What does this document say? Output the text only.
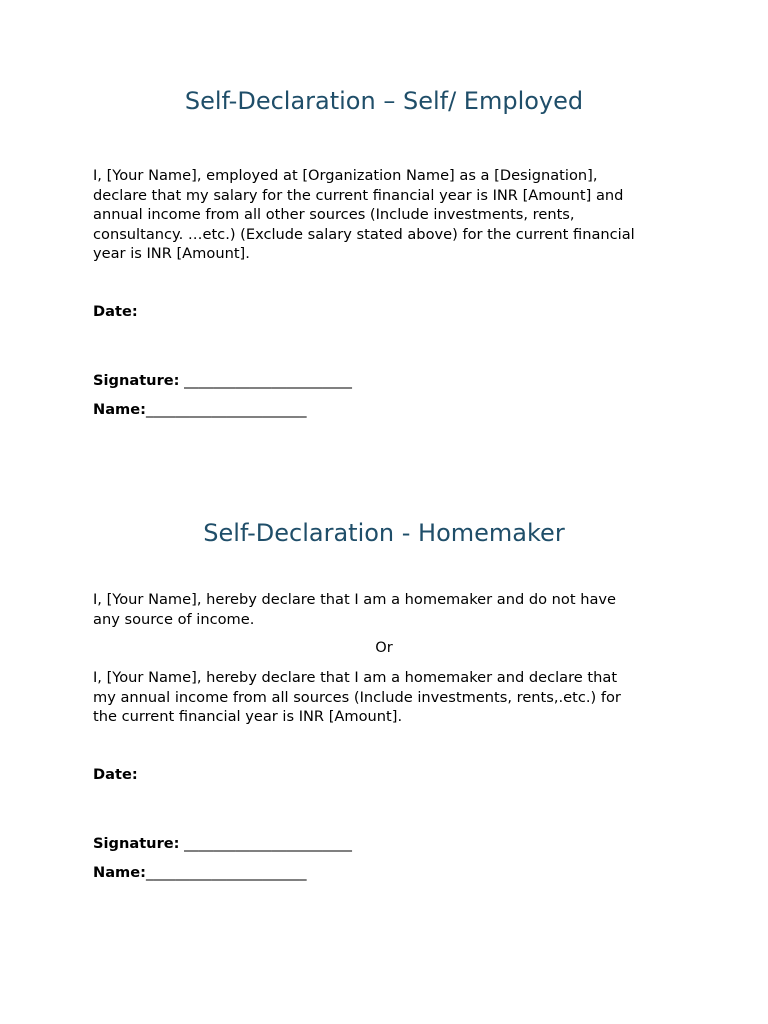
Self-Declaration – Self/ Employed

I, [Your Name], employed at [Organization Name] as a [Designation],
declare that my salary for the current financial year is INR [Amount] and
annual income from all other sources (Include investments, rents,
consultancy. …etc.) (Exclude salary stated above) for the current financial
year is INR [Amount].

Date:

Signature: _______________________

Name:______________________

Self-Declaration - Homemaker

I, [Your Name], hereby declare that I am a homemaker and do not have
any source of income.

Or

I, [Your Name], hereby declare that I am a homemaker and declare that
my annual income from all sources (Include investments, rents,.etc.) for
the current financial year is INR [Amount].

Date:

Signature: _______________________

Name:______________________
